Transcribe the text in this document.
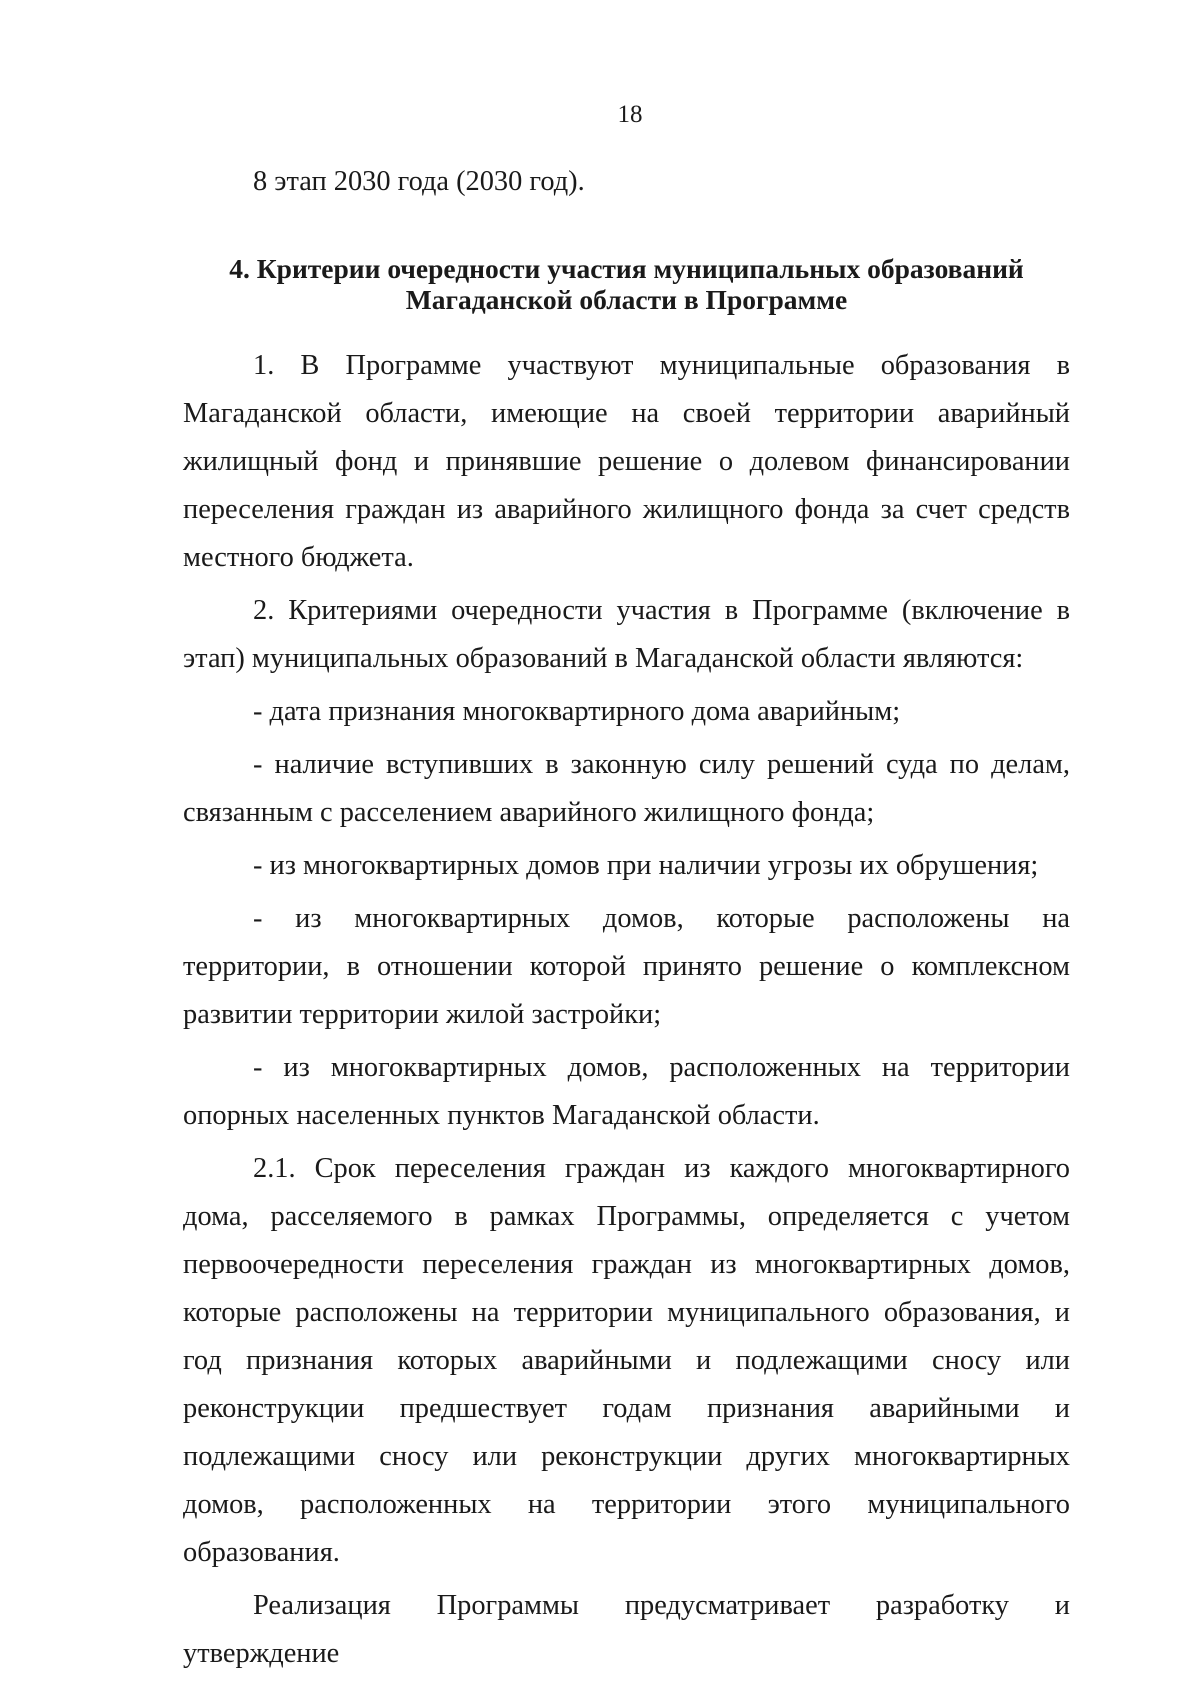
18

8 этап 2030 года (2030 год).

4. Критерии очередности участия муниципальных образований
Магаданской области в Программе

1. В Программе участвуют муниципальные образования в Магаданской области, имеющие на своей территории аварийный жилищный фонд и принявшие решение о долевом финансировании переселения граждан из аварийного жилищного фонда за счет средств местного бюджета.

2. Критериями очередности участия в Программе (включение в этап) муниципальных образований в Магаданской области являются:

- дата признания многоквартирного дома аварийным;

- наличие вступивших в законную силу решений суда по делам, связанным с расселением аварийного жилищного фонда;

- из многоквартирных домов при наличии угрозы их обрушения;

- из многоквартирных домов, которые расположены на территории, в отношении которой принято решение о комплексном развитии территории жилой застройки;

- из многоквартирных домов, расположенных на территории опорных населенных пунктов Магаданской области.

2.1. Срок переселения граждан из каждого многоквартирного дома, расселяемого в рамках Программы, определяется с учетом первоочередности переселения граждан из многоквартирных домов, которые расположены на территории муниципального образования, и год признания которых аварийными и подлежащими сносу или реконструкции предшествует годам признания аварийными и подлежащими сносу или реконструкции других многоквартирных домов, расположенных на территории этого муниципального образования.

Реализация Программы предусматривает разработку и утверждение
